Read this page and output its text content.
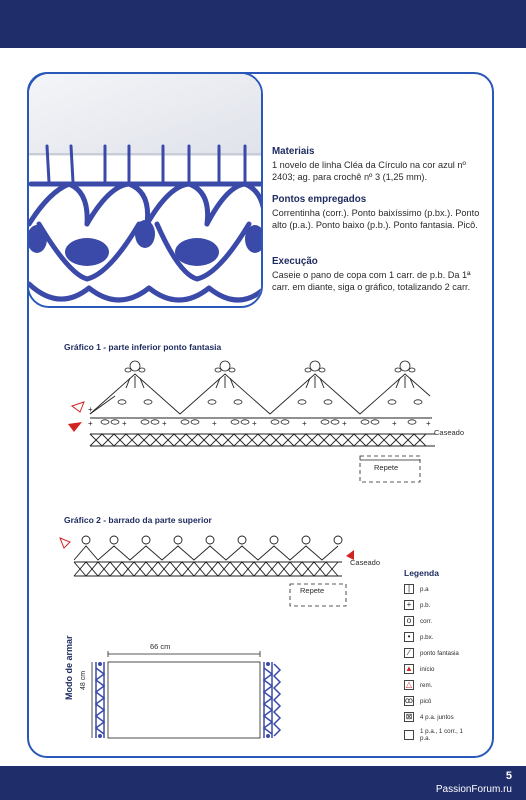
Materiais

1 novelo de linha Cléa da Círculo na cor azul nº 2403; ag. para crochê nº 3 (1,25 mm).

Pontos empregados

Correntinha (corr.). Ponto baixíssimo (p.bx.). Ponto alto (p.a.). Ponto baixo (p.b.). Ponto fantasia. Picô.

Execução

Caseie o pano de copa com 1 carr. de p.b. Da 1ª carr. em diante, siga o gráfico, totalizando 2 carr.

Gráfico 1 - parte inferior ponto fantasia
+
+
+	+	+	+	+	+	+	+
Caseado
Repete
Gráfico 2 - barrado da parte superior
Caseado
Repete
Legenda
|	p.a
+	p.b.
o	corr.
•	p.bx.
∕	ponto fantasia
▲ início
△	rem.
ꝏ picô
⊠ 4 p.a. juntos
1 p.a., 1 corr., 1 p.a.
Modo de armar 48 cm
66 cm
5
PassionForum.ru
